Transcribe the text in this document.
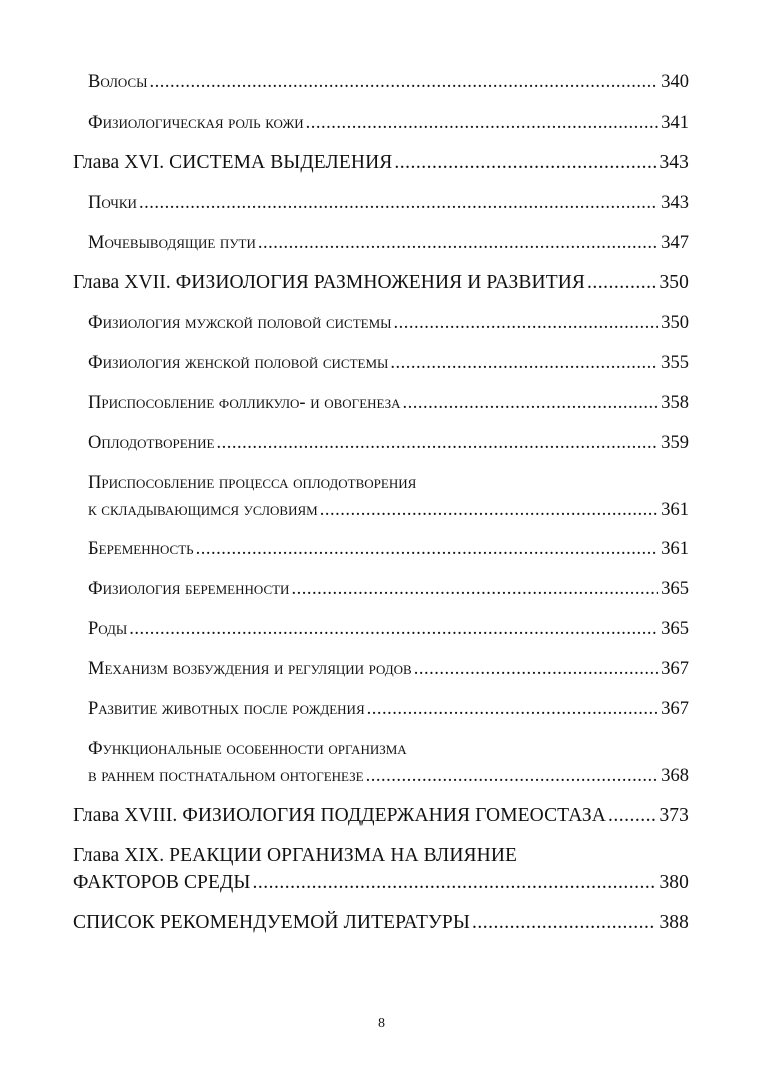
Волосы .....	340
Физиологическая роль кожи .....	341
Глава XVI. СИСТЕМА ВЫДЕЛЕНИЯ .....	343
Почки .....	343
Мочевыводящие пути .....	347
Глава XVII. ФИЗИОЛОГИЯ РАЗМНОЖЕНИЯ И РАЗВИТИЯ .....	350
Физиология мужской половой системы .....	350
Физиология женской половой системы .....	355
Приспособление фолликуло- и овогенеза .....	358
Оплодотворение .....	359
Приспособление процесса оплодотворения
к складывающимся условиям .....	361
Беременность .....	361
Физиология беременности .....	365
Роды .....	365
Механизм возбуждения и регуляции родов .....	367
Развитие животных после рождения .....	367
Функциональные особенности организма
в раннем постнатальном онтогенезе .....	368
Глава XVIII. ФИЗИОЛОГИЯ ПОДДЕРЖАНИЯ ГОМЕОСТАЗА .....	373
Глава XIX. РЕАКЦИИ ОРГАНИЗМА НА ВЛИЯНИЕ
ФАКТОРОВ СРЕДЫ .....	380
СПИСОК РЕКОМЕНДУЕМОЙ ЛИТЕРАТУРЫ .....	388
8
